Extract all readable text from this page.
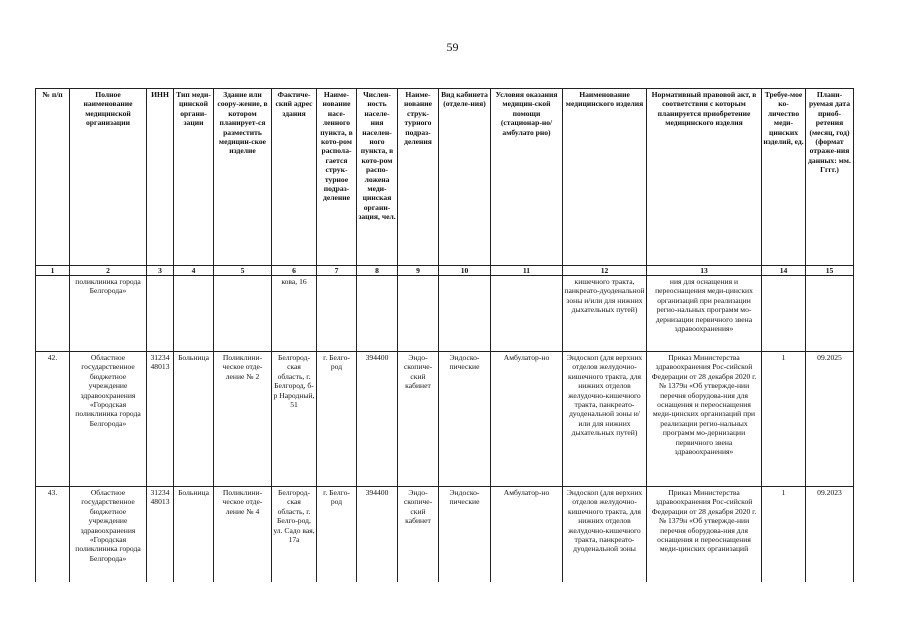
59
№ п/п	Полное наименование медицинской организации	ИНН	Тип меди-цинской органи-зации	Здание или соору-жение, в котором планирует-ся разместить медицин-ское изделие	Фактиче-ский адрес здания	Наиме-нование насе-ленного пункта, в кото-ром распола-гается струк-турное подраз-деление	Числен-ность населе-ния населен-ного пункта, в кото-ром распо-ложена меди-цинская органи-зация, чел.	Наиме-нование струк-турного подраз-деления	Вид кабинета (отделе-ния)	Условия оказания медицин-ской помощи (стационар-но/амбулато рно)	Наименование медицинского изделия	Нормативный правовой акт, в соответствии с которым планируется приобретение медицинского изделия	Требуе-мое ко-личество меди-цинских изделий, ед.	Плани-руемая дата приоб-ретения (месяц, год) (формат отраже-ния данных: мм. Гггг.)
1	2	3	4	5	6	7	8	9	10	11	12	13	14	15
	поликлиника города Белгорода»				кова, 16						кишечного тракта, панкреато-дуоденальной зоны и/или для нижних дыхательных путей)	ния для оснащения и переоснащения меди-цинских организаций при реализации регио-нальных программ мо-дернизации первичного звена здравоохранения»		
42.	Областное государственное бюджетное учреждение здравоохранения «Городская поликлиника города Белгорода»	31234 48013	Больница	Поликлини-ческое отде-ление № 2	Белгород-ская область, г. Белгород, б-р Народный, 51	г. Белго-род	394400	Эндо-скопиче-ский кабинет	Эндоско-пические	Амбулатор-но	Эндоскоп (для верхних отделов желудочно-кишечного тракта, для нижних отделов желудочно-кишечного тракта, панкреато-дуоденальной зоны и/или для нижних дыхательных путей)	Приказ Министерства здравоохранения Рос-сийской Федерации от 28 декабря 2020 г. № 1379н «Об утвержде-нии перечня оборудова-ния для оснащения и переоснащения меди-цинских организаций при реализации регио-нальных программ мо-дернизации первичного звена здравоохранения»	1	09.2025
43.	Областное государственное бюджетное учреждение здравоохранения «Городская поликлиника города Белгорода»	31234 48013	Больница	Поликлини-ческое отде-ление № 4	Белгород-ская область, г. Белго-род, ул. Садо вая, 17а	г. Белго-род	394400	Эндо-скопиче-ский кабинет	Эндоско-пические	Амбулатор-но	Эндоскоп (для верхних отделов желудочно-кишечного тракта, для нижних отделов желудочно-кишечного тракта, панкреато-дуоденальной зоны	Приказ Министерства здравоохранения Рос-сийской Федерации от 28 декабря 2020 г. № 1379н «Об утвержде-нии перечня оборудова-ния для оснащения и переоснащения меди-цинских организаций	1	09.2023
